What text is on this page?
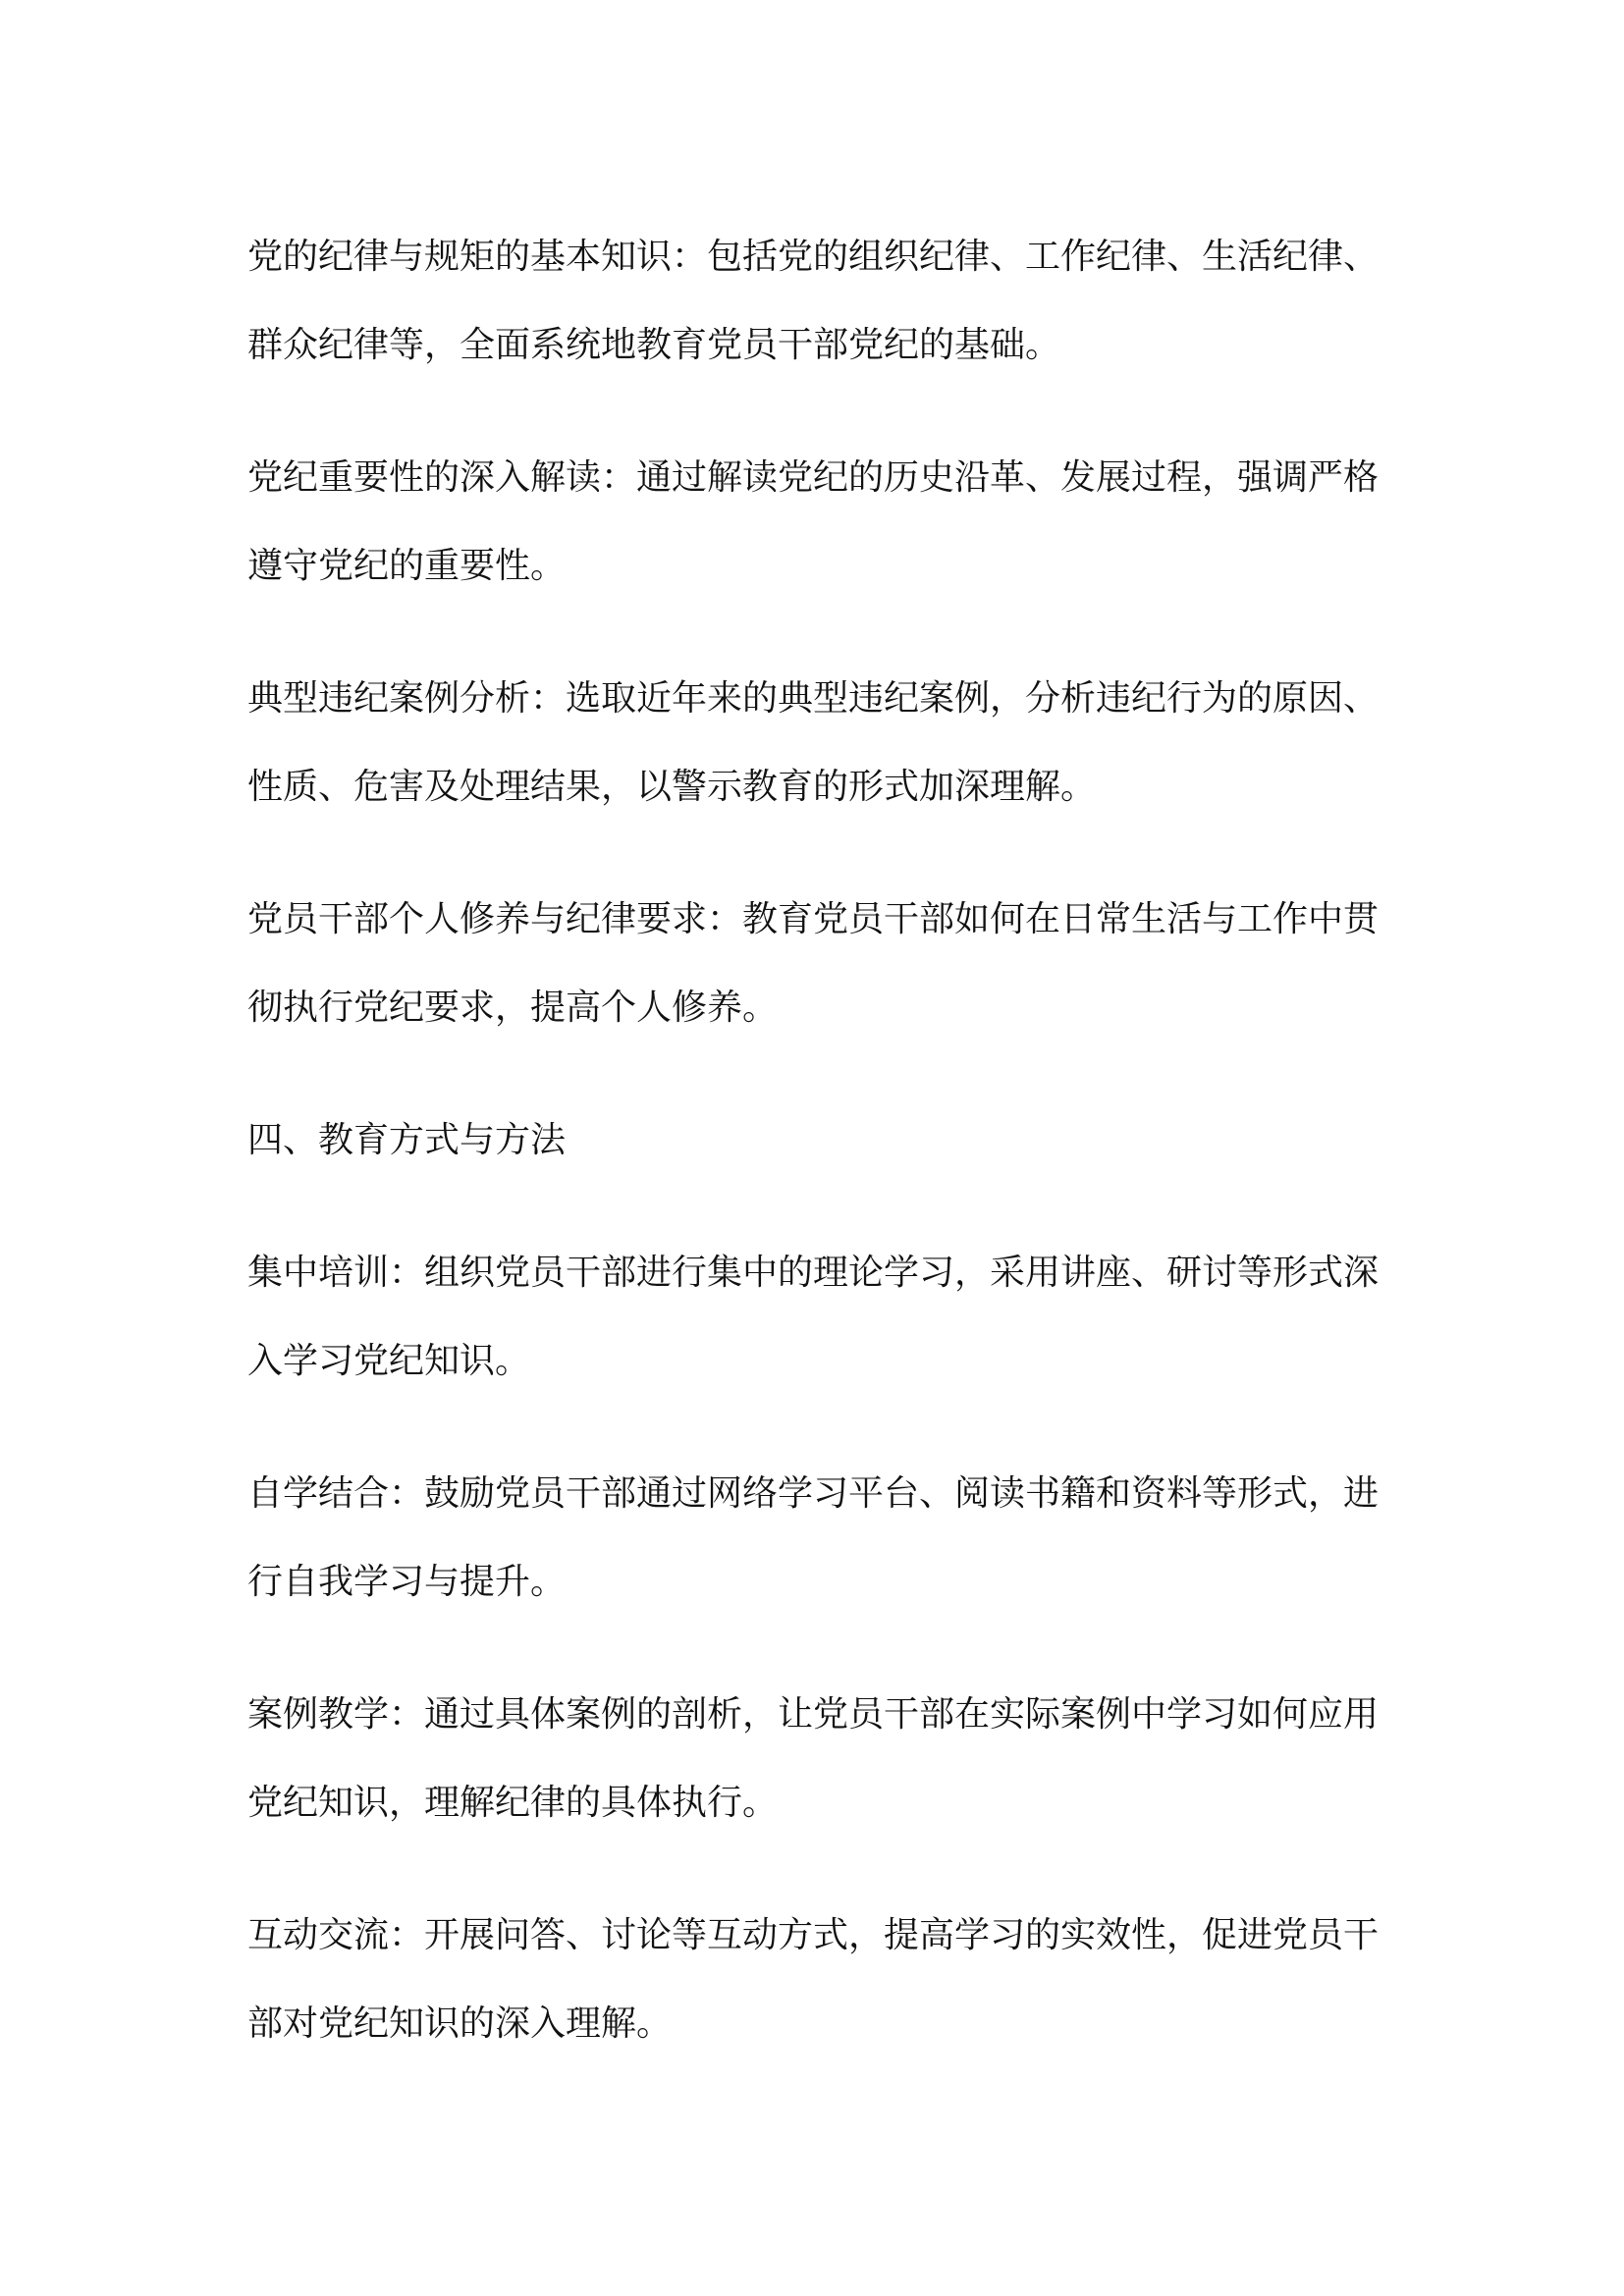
党的纪律与规矩的基本知识：包括党的组织纪律、工作纪律、生活纪律、
群众纪律等，全面系统地教育党员干部党纪的基础。

党纪重要性的深入解读：通过解读党纪的历史沿革、发展过程，强调严格
遵守党纪的重要性。

典型违纪案例分析：选取近年来的典型违纪案例，分析违纪行为的原因、
性质、危害及处理结果，以警示教育的形式加深理解。

党员干部个人修养与纪律要求：教育党员干部如何在日常生活与工作中贯
彻执行党纪要求，提高个人修养。

四、教育方式与方法

集中培训：组织党员干部进行集中的理论学习，采用讲座、研讨等形式深
入学习党纪知识。

自学结合：鼓励党员干部通过网络学习平台、阅读书籍和资料等形式，进
行自我学习与提升。

案例教学：通过具体案例的剖析，让党员干部在实际案例中学习如何应用
党纪知识，理解纪律的具体执行。

互动交流：开展问答、讨论等互动方式，提高学习的实效性，促进党员干
部对党纪知识的深入理解。
